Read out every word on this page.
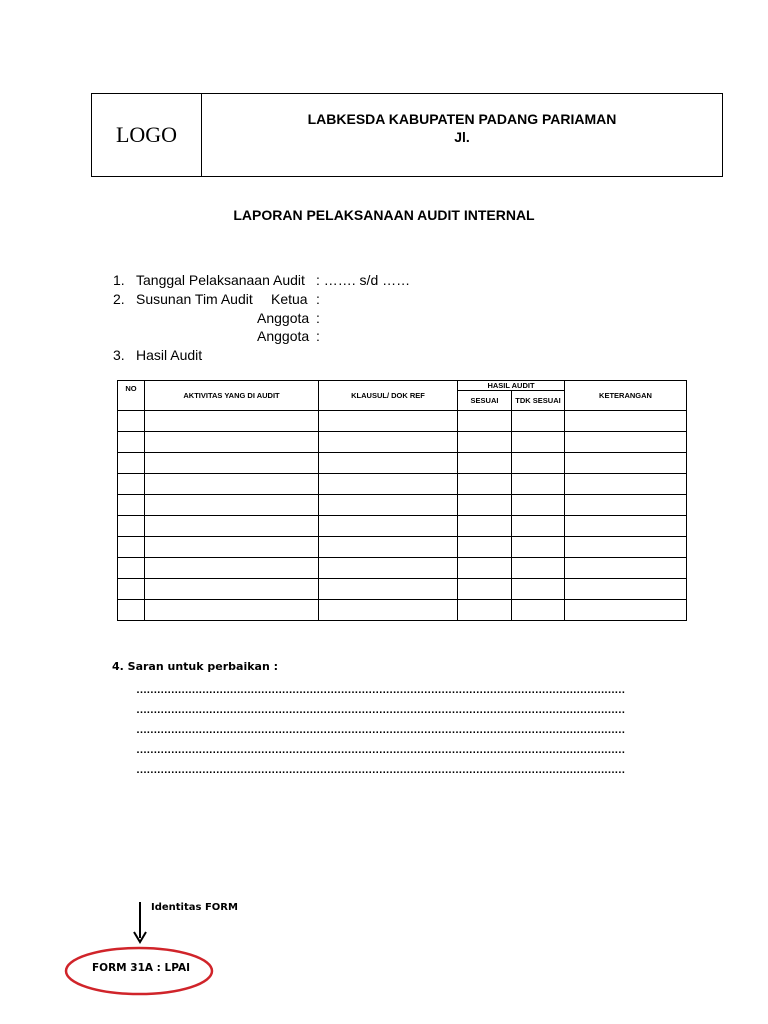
LOGO
LABKESDA KABUPATEN PADANG PARIAMAN
Jl.
LAPORAN PELAKSANAAN AUDIT INTERNAL
1. Tanggal Pelaksanaan Audit : ……. s/d ……
2. Susunan Tim Audit Ketua :
Anggota :
Anggota :
3. Hasil Audit
NO	AKTIVITAS YANG DI AUDIT	KLAUSUL/ DOK REF	HASIL AUDIT		KETERANGAN
			SESUAI	TDK SESUAI	

4. Saran untuk perbaikan :
……………………………………………………………………………………………………………………………
……………………………………………………………………………………………………………………………
……………………………………………………………………………………………………………………………
……………………………………………………………………………………………………………………………
……………………………………………………………………………………………………………………………
Identitas FORM
FORM 31A : LPAI
